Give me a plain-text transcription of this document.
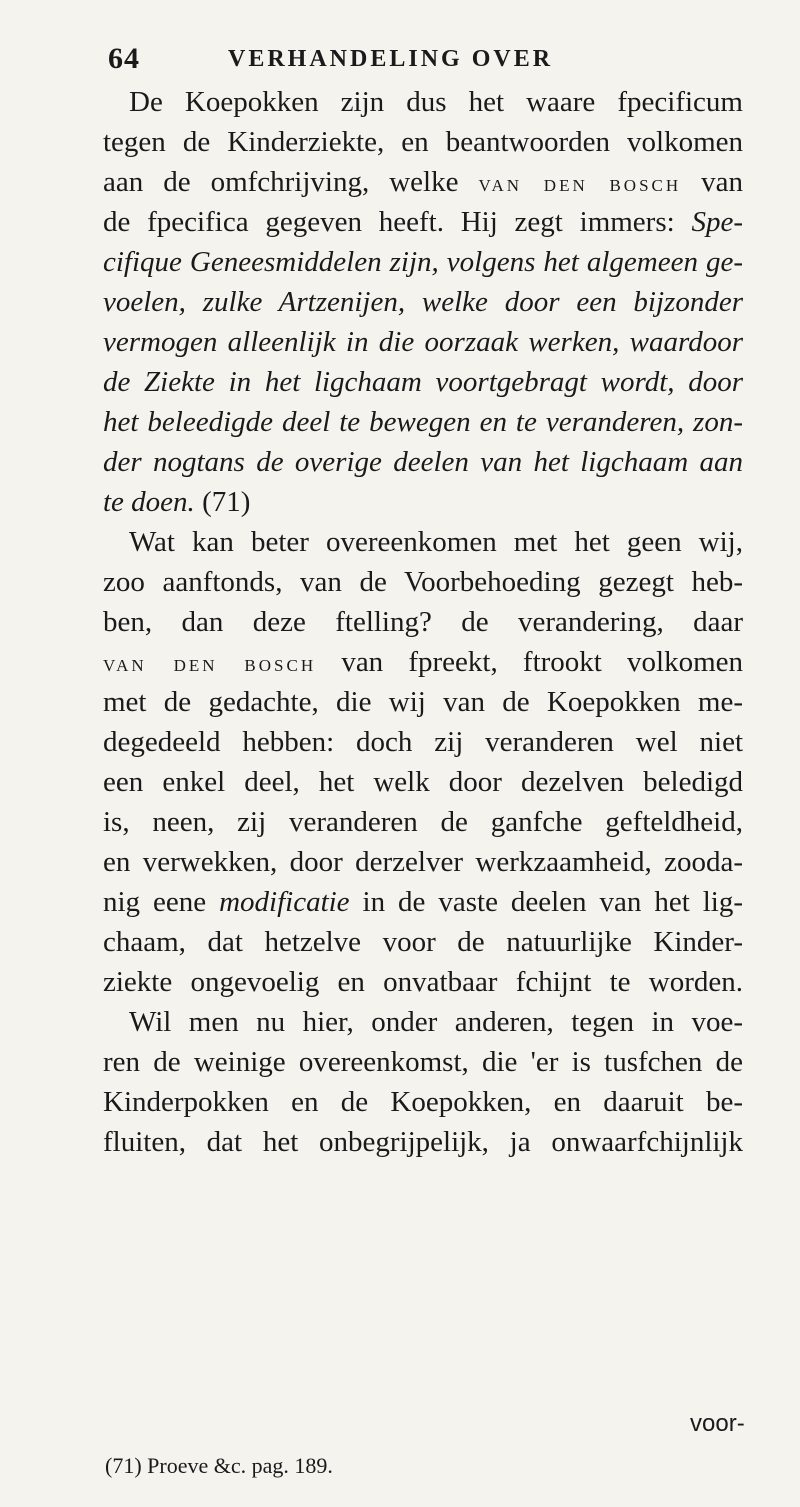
64	VERHANDELING OVER
De Koepokken zijn dus het waare fpecificum
tegen de Kinderziekte, en beantwoorden volkomen
aan de omfchrijving, welke van den bosch van
de fpecifica gegeven heeft. Hij zegt immers: Spe-
cifique Geneesmiddelen zijn, volgens het algemeen ge-
voelen, zulke Artzenijen, welke door een bijzonder
vermogen alleenlijk in die oorzaak werken, waardoor
de Ziekte in het ligchaam voortgebragt wordt, door
het beleedigde deel te bewegen en te veranderen, zon-
der nogtans de overige deelen van het ligchaam aan
te doen. (71)
Wat kan beter overeenkomen met het geen wij,
zoo aanftonds, van de Voorbehoeding gezegt heb-
ben, dan deze ftelling? de verandering, daar
van den bosch van fpreekt, ftrookt volkomen
met de gedachte, die wij van de Koepokken me-
degedeeld hebben: doch zij veranderen wel niet
een enkel deel, het welk door dezelven beledigd
is, neen, zij veranderen de ganfche gefteldheid,
en verwekken, door derzelver werkzaamheid, zooda-
nig eene modificatie in de vaste deelen van het lig-
chaam, dat hetzelve voor de natuurlijke Kinder-
ziekte ongevoelig en onvatbaar fchijnt te worden.
Wil men nu hier, onder anderen, tegen in voe-
ren de weinige overeenkomst, die 'er is tusfchen de
Kinderpokken en de Koepokken, en daaruit be-
fluiten, dat het onbegrijpelijk, ja onwaarfchijnlijk
voor-
(71) Proeve &c. pag. 189.
